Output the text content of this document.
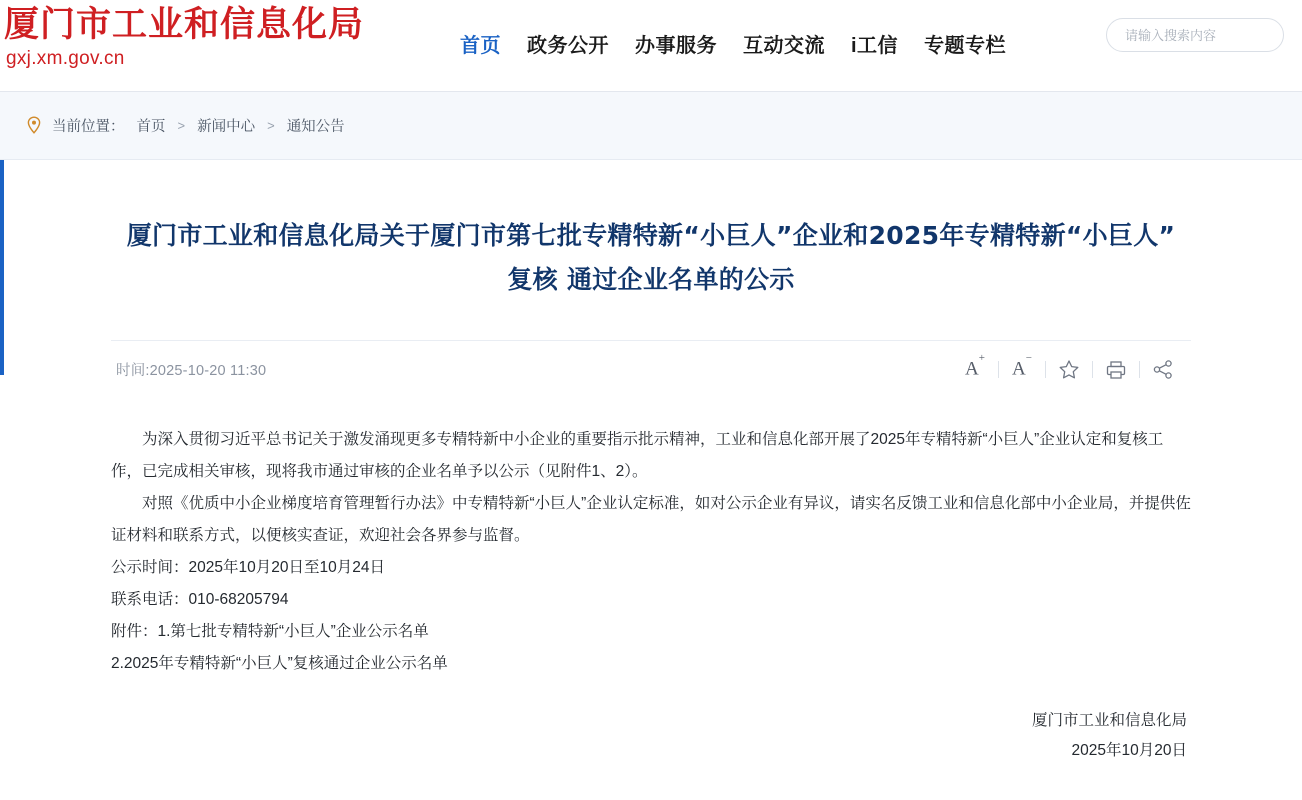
厦门市工业和信息化局
gxj.xm.gov.cn
首页 政务公开 办事服务 互动交流 i工信 专题专栏
请输入搜索内容
当前位置： 首页 > 新闻中心 > 通知公告
厦门市工业和信息化局关于厦门市第七批专精特新“小巨人”企业和2025年专精特新“小巨人”复核 通过企业名单的公示
时间:2025-10-20 11:30	A+
A−

为深入贯彻习近平总书记关于激发涌现更多专精特新中小企业的重要指示批示精神，工业和信息化部开展了2025年专精特新“小巨人”企业认定和复核工作，已完成相关审核，现将我市通过审核的企业名单予以公示（见附件1、2）。

对照《优质中小企业梯度培育管理暂行办法》中专精特新“小巨人”企业认定标准，如对公示企业有异议，请实名反馈工业和信息化部中小企业局，并提供佐证材料和联系方式，以便核实查证，欢迎社会各界参与监督。

公示时间：2025年10月20日至10月24日

联系电话：010-68205794

附件：1.第七批专精特新“小巨人”企业公示名单

2.2025年专精特新“小巨人”复核通过企业公示名单

厦门市工业和信息化局
2025年10月20日
